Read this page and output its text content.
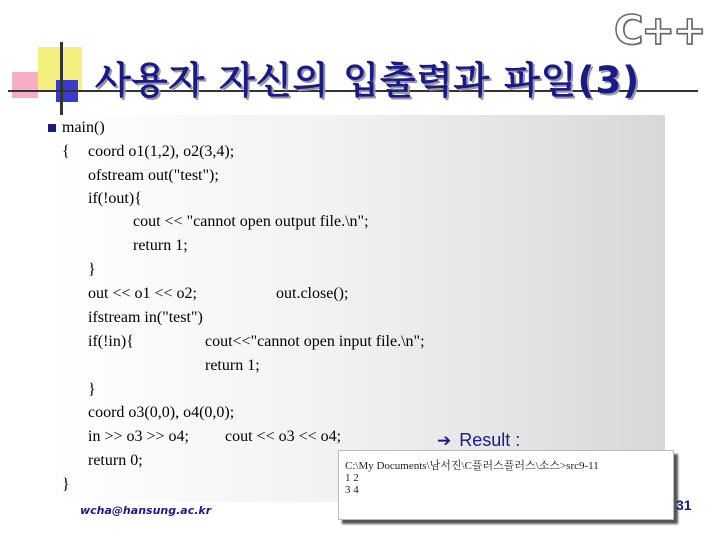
사용자 자신의 입출력과 파일(3)
C++
main()
{ coord o1(1,2), o2(3,4);
ofstream out("test");
if(!out){
cout << "cannot open output file.\n";
return 1;
}
out << o1 << o2;	out.close();
ifstream in("test")
if(!in){	cout<<"cannot open input file.\n";
return 1;
}
coord o3(0,0), o4(0,0);
in >> o3 >> o4; cout << o3 << o4;
return 0;
}
➔ Result :
C:\My Documents\남서진\C플러스플러스\소스>src9-11
1 2
3 4
wcha@hansung.ac.kr	31
